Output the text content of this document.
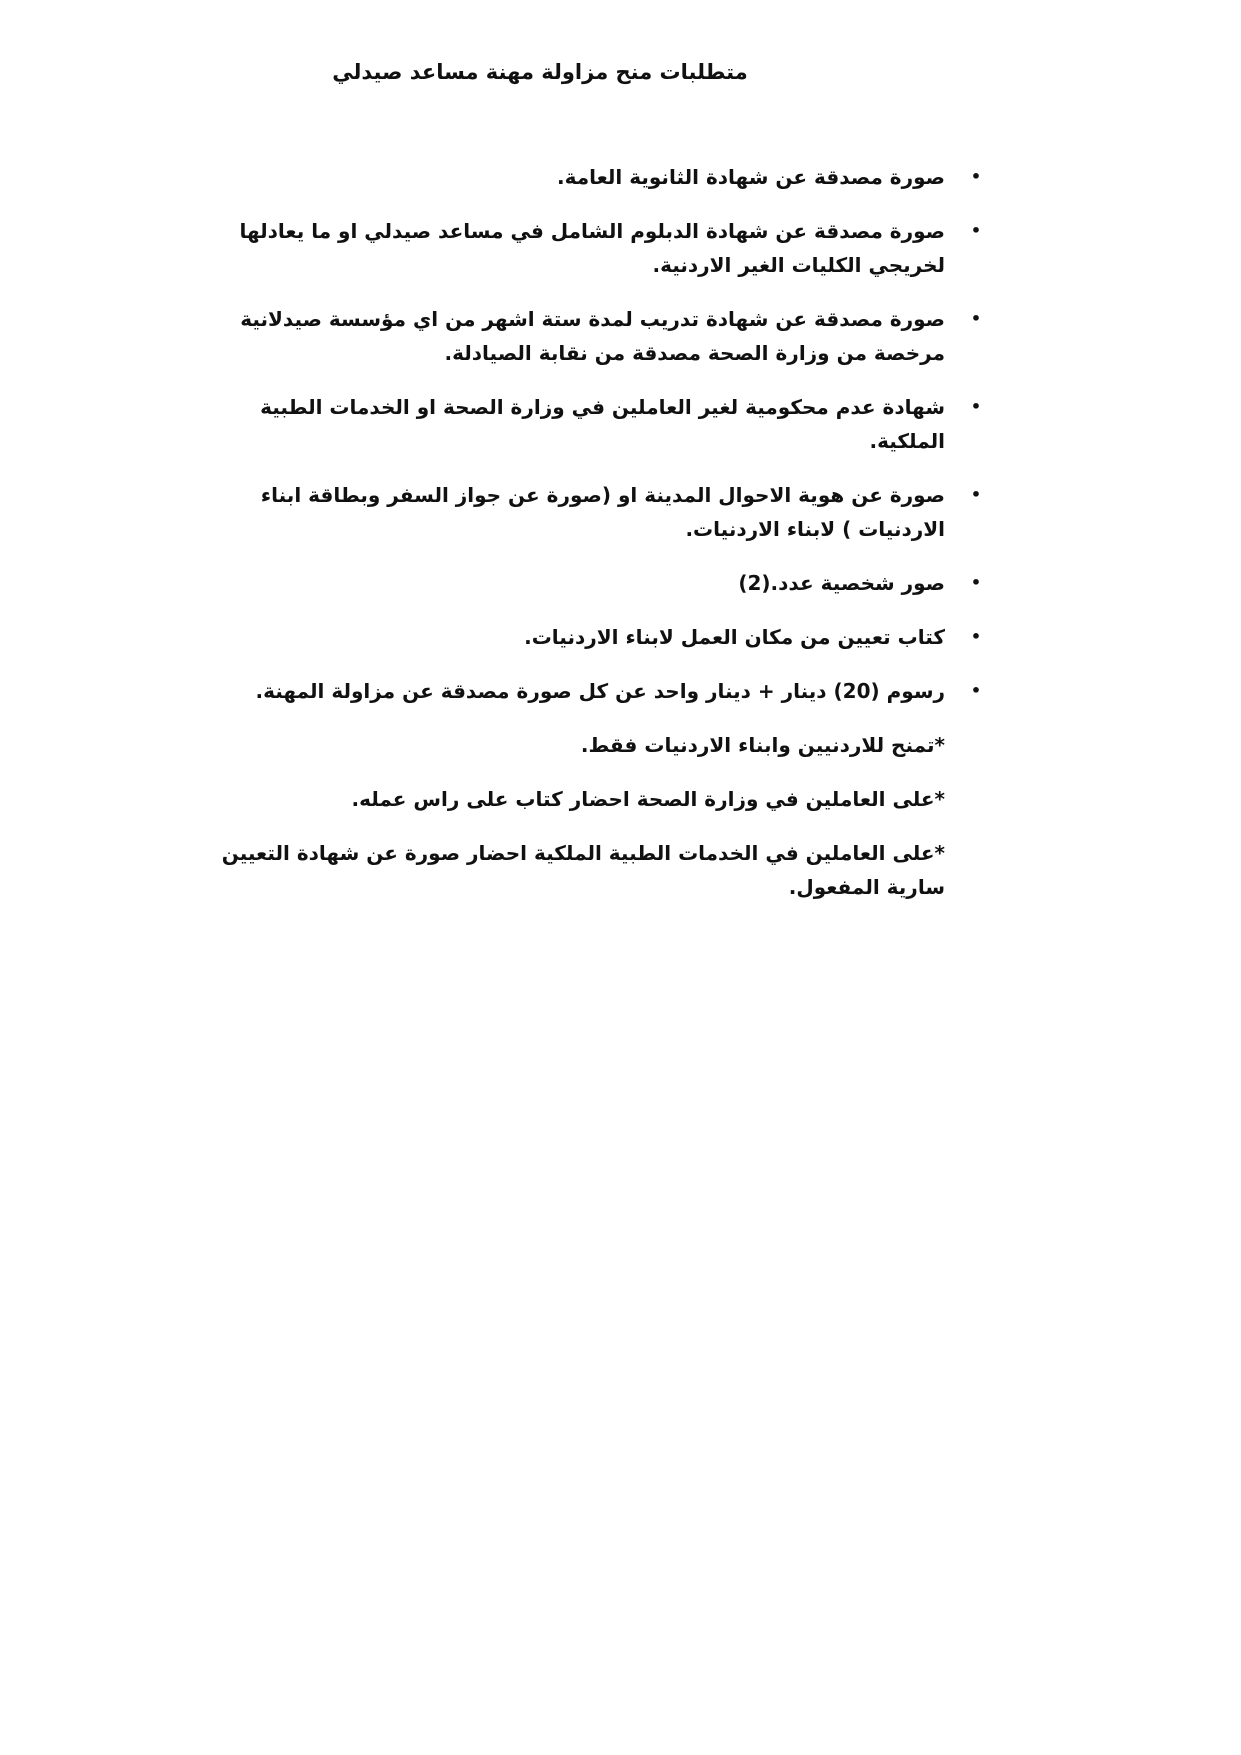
متطلبات منح مزاولة مهنة مساعد صيدلي
•
صورة مصدقة عن شهادة الثانوية العامة.
•
صورة مصدقة عن شهادة الدبلوم الشامل في مساعد صيدلي او ما يعادلها لخريجي الكليات الغير الاردنية.
•
صورة مصدقة عن شهادة تدريب لمدة ستة اشهر من اي مؤسسة صيدلانية مرخصة من وزارة الصحة مصدقة من نقابة الصيادلة.
•
شهادة عدم محكومية لغير العاملين في وزارة الصحة او الخدمات الطبية الملكية.
•
صورة عن هوية الاحوال المدينة او (صورة عن جواز السفر وبطاقة ابناء الاردنيات ) لابناء الاردنيات.
•
صور شخصية عدد.(2)
•
كتاب تعيين من مكان العمل لابناء الاردنيات.
•
رسوم (20) دينار + دينار واحد عن كل صورة مصدقة عن مزاولة المهنة.

*تمنح للاردنيين وابناء الاردنيات فقط.

*على العاملين في وزارة الصحة احضار كتاب على راس عمله.

*على العاملين في الخدمات الطبية الملكية احضار صورة عن شهادة التعيين سارية المفعول.
